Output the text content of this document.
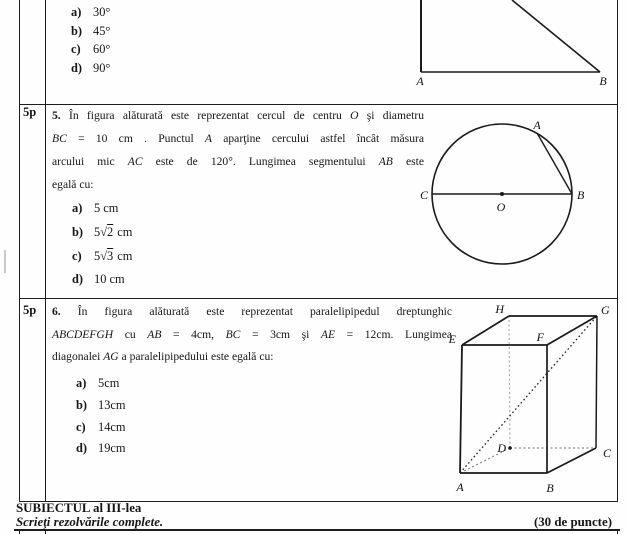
a) 30°
b) 45°
c) 60°
d) 90°
A	B
5p	5. În figura alăturată este reprezentat cercul de centru O şi diametru
BC = 10 cm . Punctul A aparţine cercului astfel încât măsura
arcului mic AC este de 120°. Lungimea segmentului AB este
egală cu:
a) 5 cm
b) 5√2 cm
c) 5√3 cm
d) 10 cm
A
B
C
O
5p	6. În figura alăturată este reprezentat paralelipipedul dreptunghic
ABCDEFGH cu AB = 4cm, BC = 3cm şi AE = 12cm. Lungimea
diagonalei AG a paralelipipedului este egală cu:
a) 5cm
b) 13cm
c) 14cm
d) 19cm
A	B
C
D
E	F
G
H
SUBIECTUL al III-lea
Scrieţi rezolvările complete.	(30 de puncte)
